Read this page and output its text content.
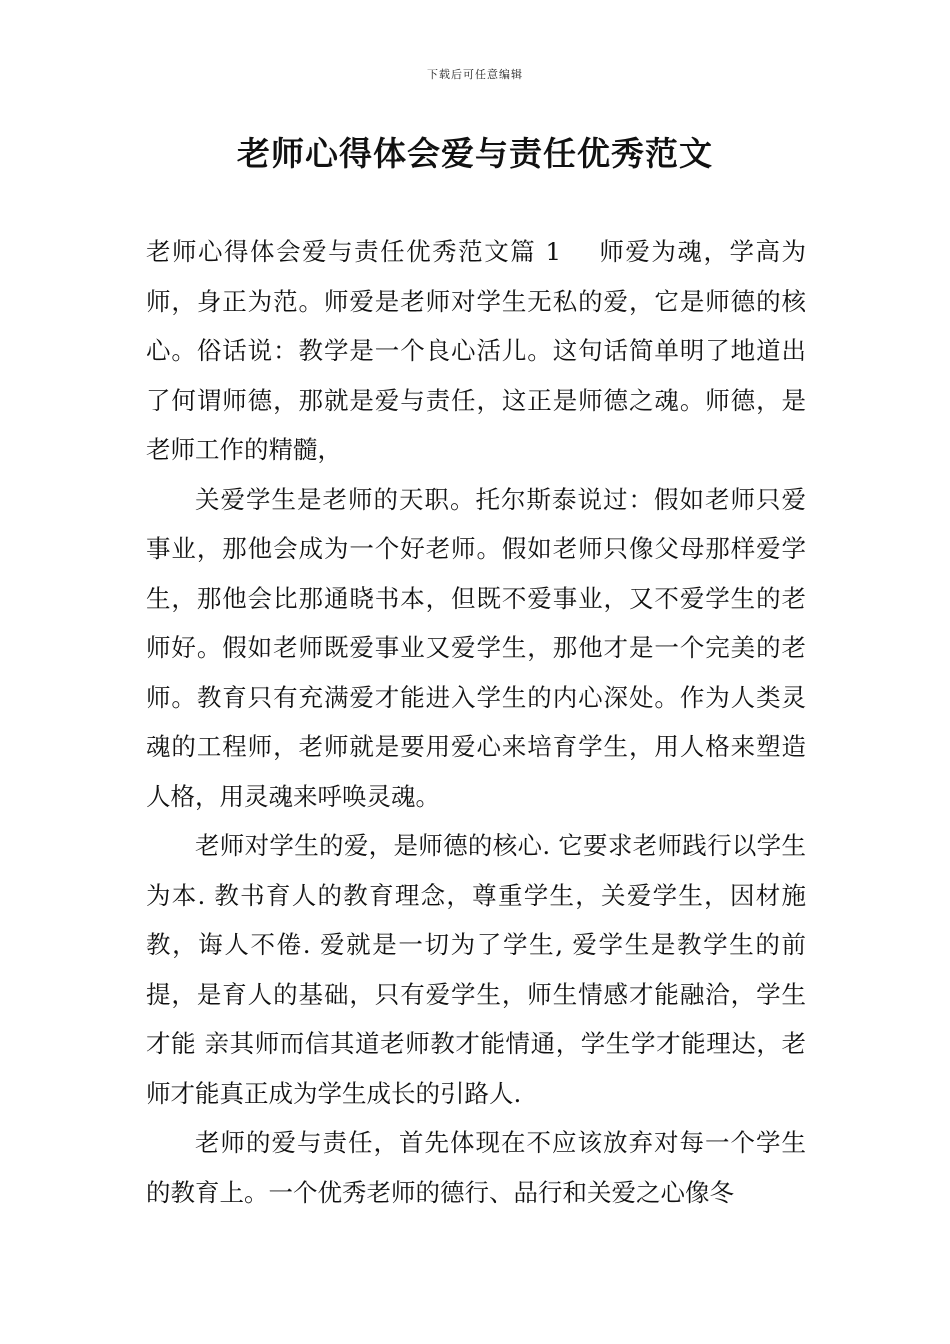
下载后可任意编辑
老师心得体会爱与责任优秀范文

老师心得体会爱与责任优秀范文篇 1 师爱为魂，学高为师，身正为范。师爱是老师对学生无私的爱，它是师德的核心。俗话说：教学是一个良心活儿。这句话简单明了地道出了何谓师德，那就是爱与责任，这正是师德之魂。师德，是老师工作的精髓，

关爱学生是老师的天职。托尔斯泰说过：假如老师只爱事业，那他会成为一个好老师。假如老师只像父母那样爱学生，那他会比那通晓书本，但既不爱事业，又不爱学生的老师好。假如老师既爱事业又爱学生，那他才是一个完美的老师。教育只有充满爱才能进入学生的内心深处。作为人类灵魂的工程师，老师就是要用爱心来培育学生，用人格来塑造人格，用灵魂来呼唤灵魂。

老师对学生的爱，是师德的核心. 它要求老师践行以学生为本. 教书育人的教育理念，尊重学生，关爱学生，因材施教，诲人不倦. 爱就是一切为了学生, 爱学生是教学生的前提，是育人的基础，只有爱学生，师生情感才能融洽，学生才能 亲其师而信其道老师教才能情通，学生学才能理达，老师才能真正成为学生成长的引路人.

老师的爱与责任，首先体现在不应该放弃对每一个学生的教育上。一个优秀老师的德行、品行和关爱之心像冬
